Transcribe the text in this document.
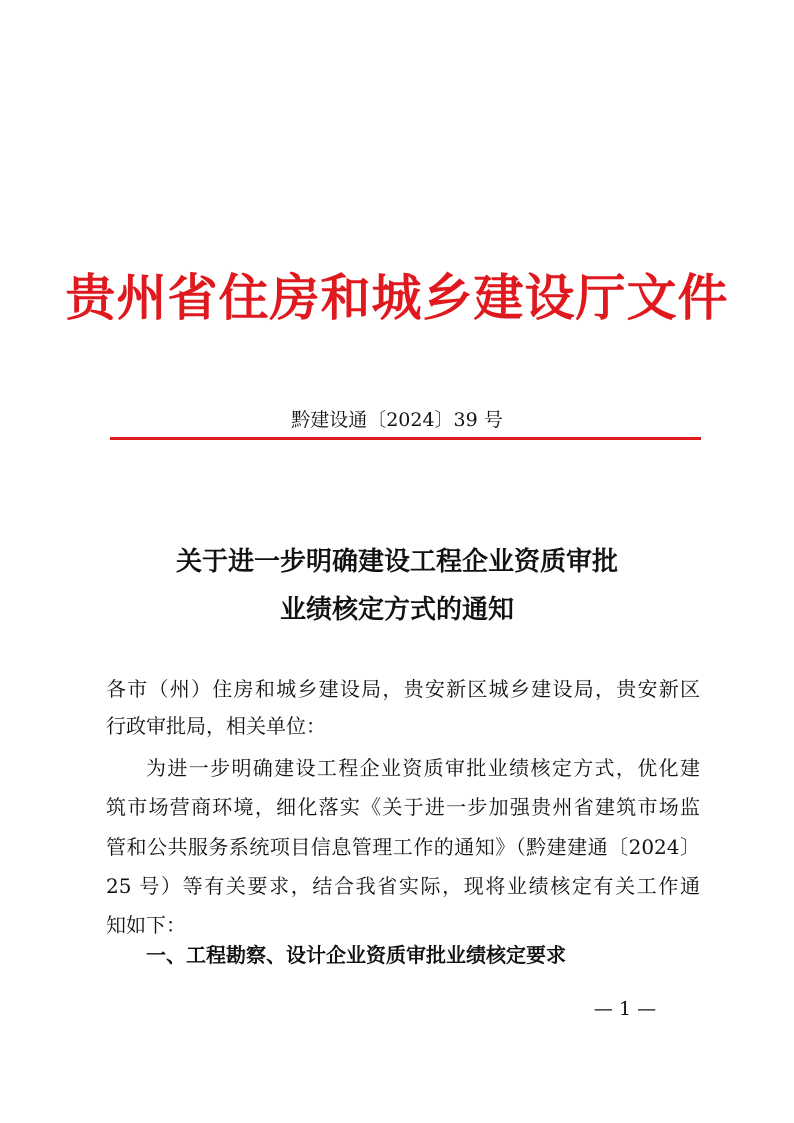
贵州省住房和城乡建设厅文件
黔建设通〔2024〕39 号
关于进一步明确建设工程企业资质审批
业绩核定方式的通知
各市（州）住房和城乡建设局，贵安新区城乡建设局，贵安新区
行政审批局，相关单位：
为进一步明确建设工程企业资质审批业绩核定方式，优化建
筑市场营商环境，细化落实《关于进一步加强贵州省建筑市场监
管和公共服务系统项目信息管理工作的通知》（黔建建通〔2024〕
25 号）等有关要求，结合我省实际，现将业绩核定有关工作通
知如下：
一、工程勘察、设计企业资质审批业绩核定要求
— 1 —
